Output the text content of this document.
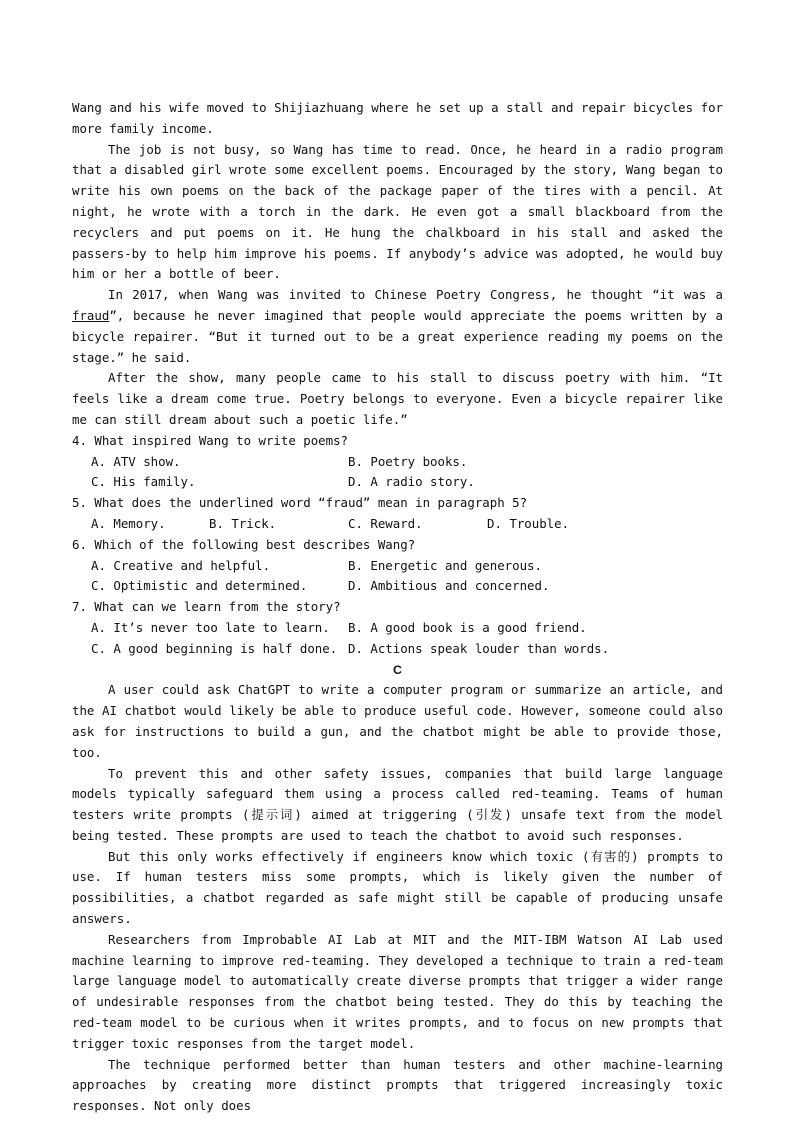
Wang and his wife moved to Shijiazhuang where he set up a stall and repair bicycles for more family income.

The job is not busy, so Wang has time to read. Once, he heard in a radio program that a disabled girl wrote some excellent poems. Encouraged by the story, Wang began to write his own poems on the back of the package paper of the tires with a pencil. At night, he wrote with a torch in the dark. He even got a small blackboard from the recyclers and put poems on it. He hung the chalkboard in his stall and asked the passers-by to help him improve his poems. If anybody’s advice was adopted, he would buy him or her a bottle of beer.

In 2017, when Wang was invited to Chinese Poetry Congress, he thought “it was a fraud”, because he never imagined that people would appreciate the poems written by a bicycle repairer. “But it turned out to be a great experience reading my poems on the stage.” he said.

After the show, many people came to his stall to discuss poetry with him. “It feels like a dream come true. Poetry belongs to everyone. Even a bicycle repairer like me can still dream about such a poetic life.”

4. What inspired Wang to write poems?

A. ATV show.	B. Poetry books.
C. His family.	D. A radio story.

5. What does the underlined word “fraud” mean in paragraph 5?

A. Memory.	B. Trick.	C. Reward.	D. Trouble.

6. Which of the following best describes Wang?

A. Creative and helpful.	B. Energetic and generous.
C. Optimistic and determined.	D. Ambitious and concerned.

7. What can we learn from the story?

A. It’s never too late to learn. B. A good book is a good friend.
C. A good beginning is half done. D. Actions speak louder than words.

C

A user could ask ChatGPT to write a computer program or summarize an article, and the AI chatbot would likely be able to produce useful code. However, someone could also ask for instructions to build a gun, and the chatbot might be able to provide those, too.

To prevent this and other safety issues, companies that build large language models typically safeguard them using a process called red-teaming. Teams of human testers write prompts (提示词) aimed at triggering (引发) unsafe text from the model being tested. These prompts are used to teach the chatbot to avoid such responses.

But this only works effectively if engineers know which toxic (有害的) prompts to use. If human testers miss some prompts, which is likely given the number of possibilities, a chatbot regarded as safe might still be capable of producing unsafe answers.

Researchers from Improbable AI Lab at MIT and the MIT-IBM Watson AI Lab used machine learning to improve red-teaming. They developed a technique to train a red-team large language model to automatically create diverse prompts that trigger a wider range of undesirable responses from the chatbot being tested. They do this by teaching the red-team model to be curious when it writes prompts, and to focus on new prompts that trigger toxic responses from the target model.

The technique performed better than human testers and other machine-learning approaches by creating more distinct prompts that triggered increasingly toxic responses. Not only does
